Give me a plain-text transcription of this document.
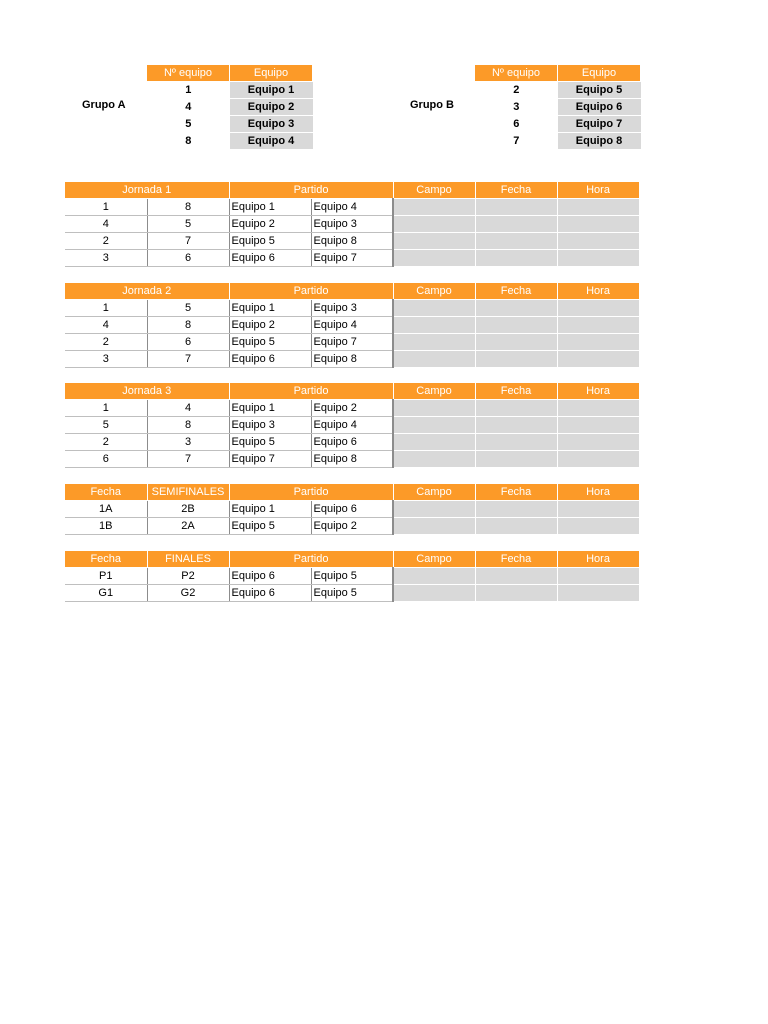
Grupo A
Nº equipo	Equipo
1	Equipo 1
4	Equipo 2
5	Equipo 3
8	Equipo 4
Grupo B
Nº equipo	Equipo
2	Equipo 5
3	Equipo 6
6	Equipo 7
7	Equipo 8
Jornada 1		Partido		Campo	Fecha	Hora
1	8	Equipo 1	Equipo 4			
4	5	Equipo 2	Equipo 3			
2	7	Equipo 5	Equipo 8			
3	6	Equipo 6	Equipo 7			
Jornada 2		Partido		Campo	Fecha	Hora
1	5	Equipo 1	Equipo 3			
4	8	Equipo 2	Equipo 4			
2	6	Equipo 5	Equipo 7			
3	7	Equipo 6	Equipo 8			
Jornada 3		Partido		Campo	Fecha	Hora
1	4	Equipo 1	Equipo 2			
5	8	Equipo 3	Equipo 4			
2	3	Equipo 5	Equipo 6			
6	7	Equipo 7	Equipo 8			
Fecha	SEMIFINALES	Partido		Campo	Fecha	Hora
1A	2B	Equipo 1	Equipo 6			
1B	2A	Equipo 5	Equipo 2			
Fecha	FINALES	Partido		Campo	Fecha	Hora
P1	P2	Equipo 6	Equipo 5			
G1	G2	Equipo 6	Equipo 5			
